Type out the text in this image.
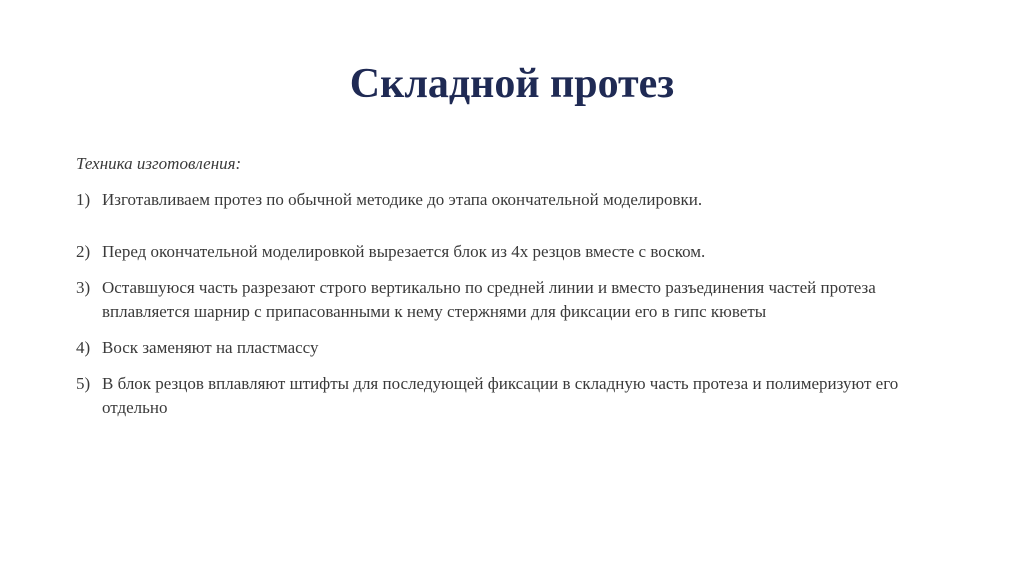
Складной протез

Техника изготовления:

1) Изготавливаем протез по обычной методике до этапа окончательной моделировки.
2) Перед окончательной моделировкой вырезается блок из 4х резцов вместе с воском.
3) Оставшуюся часть разрезают строго вертикально по средней линии и вместо разъединения частей протеза вплавляется шарнир с припасованными к нему стержнями для фиксации его в гипс кюветы
4) Воск заменяют на пластмассу
5) В блок резцов вплавляют штифты для последующей фиксации в складную часть протеза и полимеризуют его отдельно
